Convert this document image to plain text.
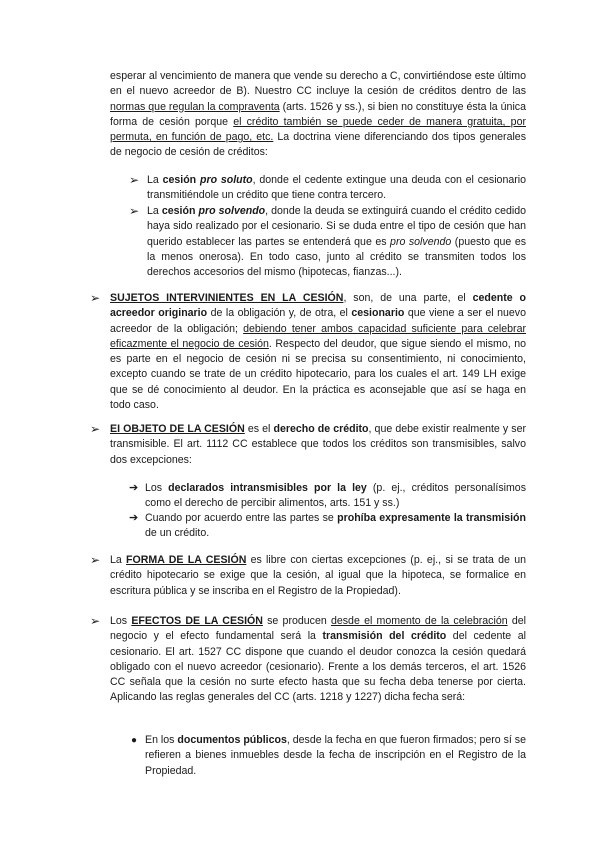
esperar al vencimiento de manera que vende su derecho a C, convirtiéndose este último en el nuevo acreedor de B). Nuestro CC incluye la cesión de créditos dentro de las normas que regulan la compraventa (arts. 1526 y ss.), si bien no constituye ésta la única forma de cesión porque el crédito también se puede ceder de manera gratuita, por permuta, en función de pago, etc. La doctrina viene diferenciando dos tipos generales de negocio de cesión de créditos:

➢ La cesión pro soluto, donde el cedente extingue una deuda con el cesionario transmitiéndole un crédito que tiene contra tercero.

➢ La cesión pro solvendo, donde la deuda se extinguirá cuando el crédito cedido haya sido realizado por el cesionario. Si se duda entre el tipo de cesión que han querido establecer las partes se entenderá que es pro solvendo (puesto que es la menos onerosa). En todo caso, junto al crédito se transmiten todos los derechos accesorios del mismo (hipotecas, fianzas...).

➢ SUJETOS INTERVINIENTES EN LA CESIÓN, son, de una parte, el cedente o acreedor originario de la obligación y, de otra, el cesionario que viene a ser el nuevo acreedor de la obligación; debiendo tener ambos capacidad suficiente para celebrar eficazmente el negocio de cesión. Respecto del deudor, que sigue siendo el mismo, no es parte en el negocio de cesión ni se precisa su consentimiento, ni conocimiento, excepto cuando se trate de un crédito hipotecario, para los cuales el art. 149 LH exige que se dé conocimiento al deudor. En la práctica es aconsejable que así se haga en todo caso.

➢ EI OBJETO DE LA CESIÓN es el derecho de crédito, que debe existir realmente y ser transmisible. El art. 1112 CC establece que todos los créditos son transmisibles, salvo dos excepciones:

➔ Los declarados intransmisibles por la ley (p. ej., créditos personalísimos como el derecho de percibir alimentos, arts. 151 y ss.)

➔ Cuando por acuerdo entre las partes se prohíba expresamente la transmisión de un crédito.

➢ La FORMA DE LA CESIÓN es libre con ciertas excepciones (p. ej., si se trata de un crédito hipotecario se exige que la cesión, al igual que la hipoteca, se formalice en escritura pública y se inscriba en el Registro de la Propiedad).

➢ Los EFECTOS DE LA CESIÓN se producen desde el momento de la celebración del negocio y el efecto fundamental será la transmisión del crédito del cedente al cesionario. El art. 1527 CC dispone que cuando el deudor conozca la cesión quedará obligado con el nuevo acreedor (cesionario). Frente a los demás terceros, el art. 1526 CC señala que la cesión no surte efecto hasta que su fecha deba tenerse por cierta. Aplicando las reglas generales del CC (arts. 1218 y 1227) dicha fecha será:

● En los documentos públicos, desde la fecha en que fueron firmados; pero sí se refieren a bienes inmuebles desde la fecha de inscripción en el Registro de la Propiedad.
